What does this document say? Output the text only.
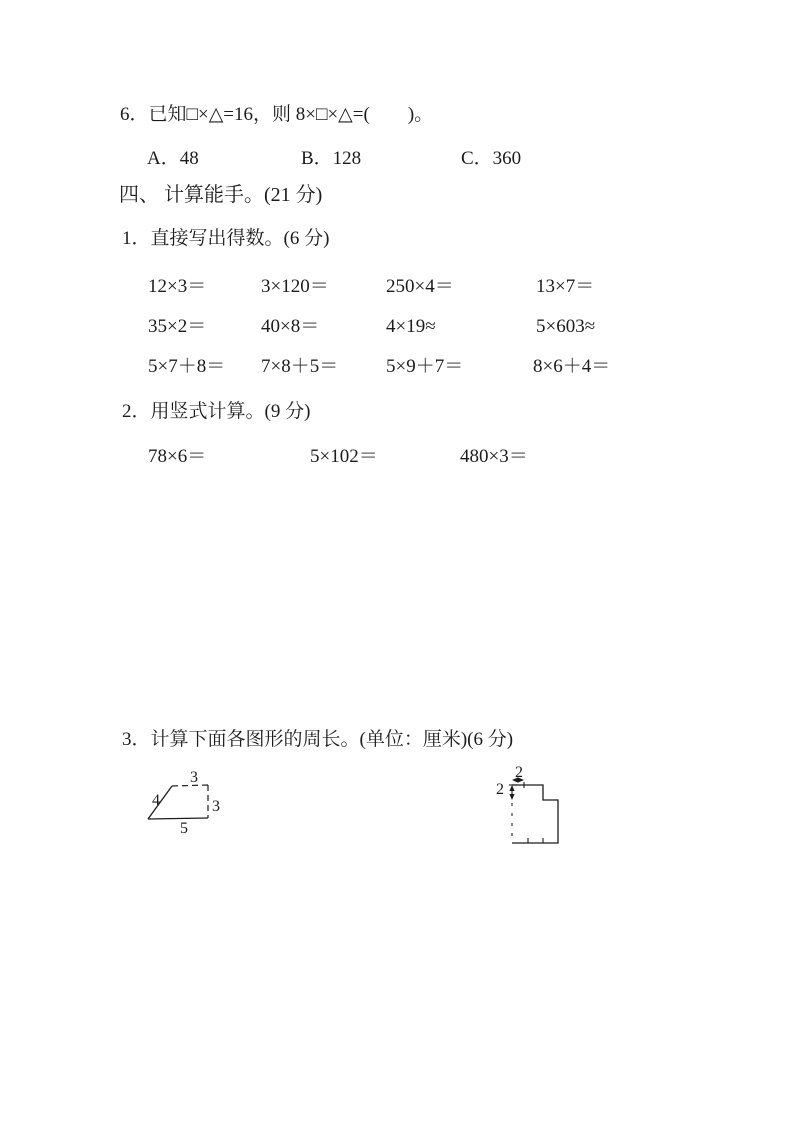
6．已知□×△=16，则 8×□×△=(　　)。
A．48	B．128	C．360
四、 计算能手。(21 分)
1．直接写出得数。(6 分)
12×3＝	3×120＝	250×4＝	13×7＝
35×2＝	40×8＝	4×19≈	5×603≈
5×7＋8＝ 7×8＋5＝	5×9＋7＝	8×6＋4＝
2．用竖式计算。(9 分)
78×6＝	5×102＝	480×3＝
3．计算下面各图形的周长。(单位：厘米)(6 分)
3
4	3
5
2
2
